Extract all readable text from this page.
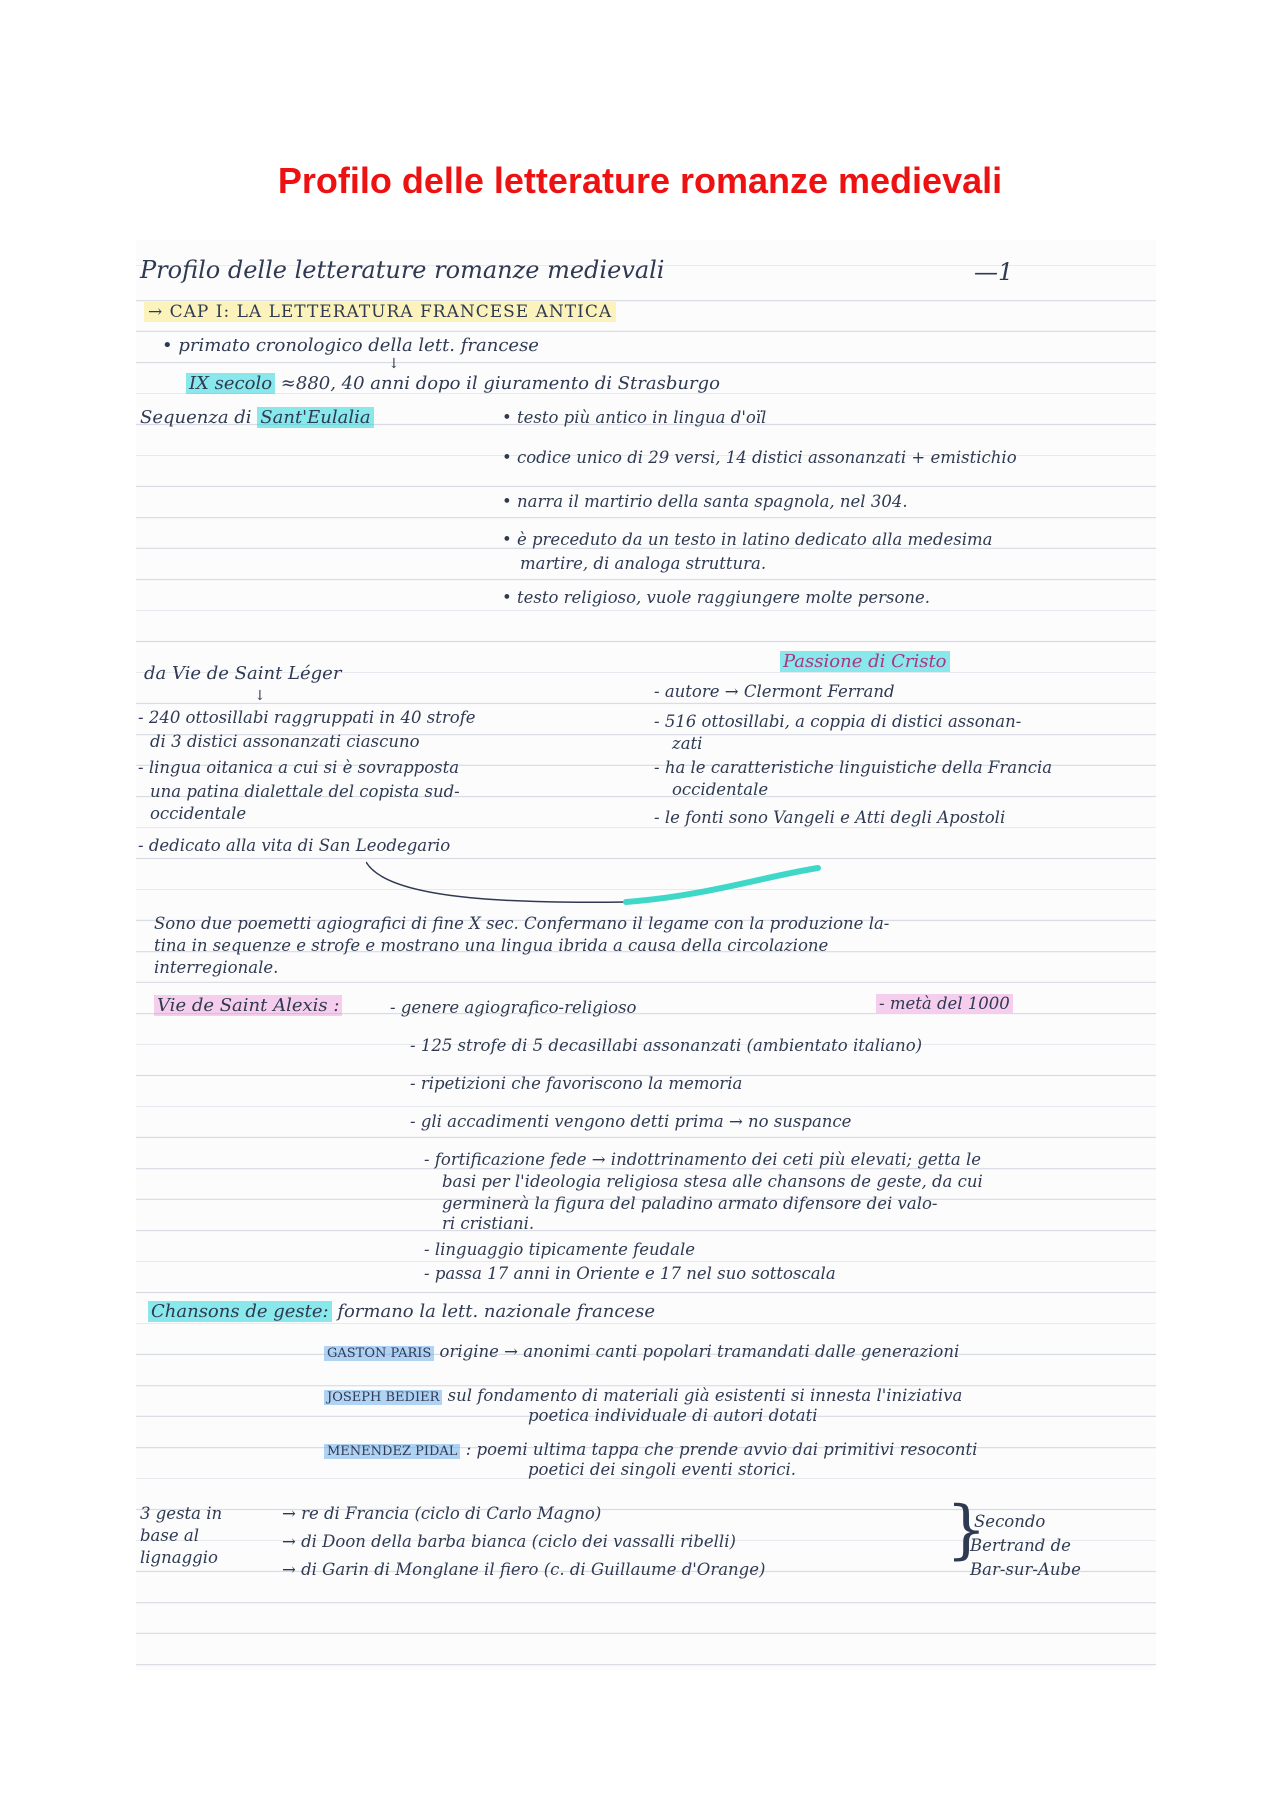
Profilo delle letterature romanze medievali

Profilo delle letterature romanze medievali	—1

→ CAP I: LA LETTERATURA FRANCESE ANTICA

• primato cronologico della lett. francese

↓

IX secolo ≈880, 40 anni dopo il giuramento di Strasburgo

Sequenza di Sant'Eulalia	• testo più antico in lingua d'oïl

• codice unico di 29 versi, 14 distici assonanzati + emistichio

• narra il martirio della santa spagnola, nel 304.

• è preceduto da un testo in latino dedicato alla medesima

martire, di analoga struttura.

• testo religioso, vuole raggiungere molte persone.

da Vie de Saint Léger

↓

- 240 ottosillabi raggruppati in 40 strofe

di 3 distici assonanzati ciascuno

- lingua oitanica a cui si è sovrapposta

una patina dialettale del copista sud-

occidentale

- dedicato alla vita di San Leodegario

Passione di Cristo

- autore → Clermont Ferrand

- 516 ottosillabi, a coppia di distici assonan-

zati

- ha le caratteristiche linguistiche della Francia

occidentale

- le fonti sono Vangeli e Atti degli Apostoli

Sono due poemetti agiografici di fine X sec. Confermano il legame con la produzione la-

tina in sequenze e strofe e mostrano una lingua ibrida a causa della circolazione

interregionale.

Vie de Saint Alexis :	- genere agiografico-religioso	- metà del 1000

- 125 strofe di 5 decasillabi assonanzati (ambientato italiano)

- ripetizioni che favoriscono la memoria

- gli accadimenti vengono detti prima → no suspance

- fortificazione fede → indottrinamento dei ceti più elevati; getta le

basi per l'ideologia religiosa stesa alle chansons de geste, da cui

germinerà la figura del paladino armato difensore dei valo-

ri cristiani.

- linguaggio tipicamente feudale

- passa 17 anni in Oriente e 17 nel suo sottoscala

Chansons de geste: formano la lett. nazionale francese

GASTON PARIS origine → anonimi canti popolari tramandati dalle generazioni

JOSEPH BEDIER sul fondamento di materiali già esistenti si innesta l'iniziativa

poetica individuale di autori dotati

MENENDEZ PIDAL : poemi ultima tappa che prende avvio dai primitivi resoconti

poetici dei singoli eventi storici.

3 gesta in

base al

lignaggio

→ re di Francia (ciclo di Carlo Magno)

→ di Doon della barba bianca (ciclo dei vassalli ribelli)

→ di Garin di Monglane il fiero (c. di Guillaume d'Orange)

}

Secondo

Bertrand de

Bar-sur-Aube
